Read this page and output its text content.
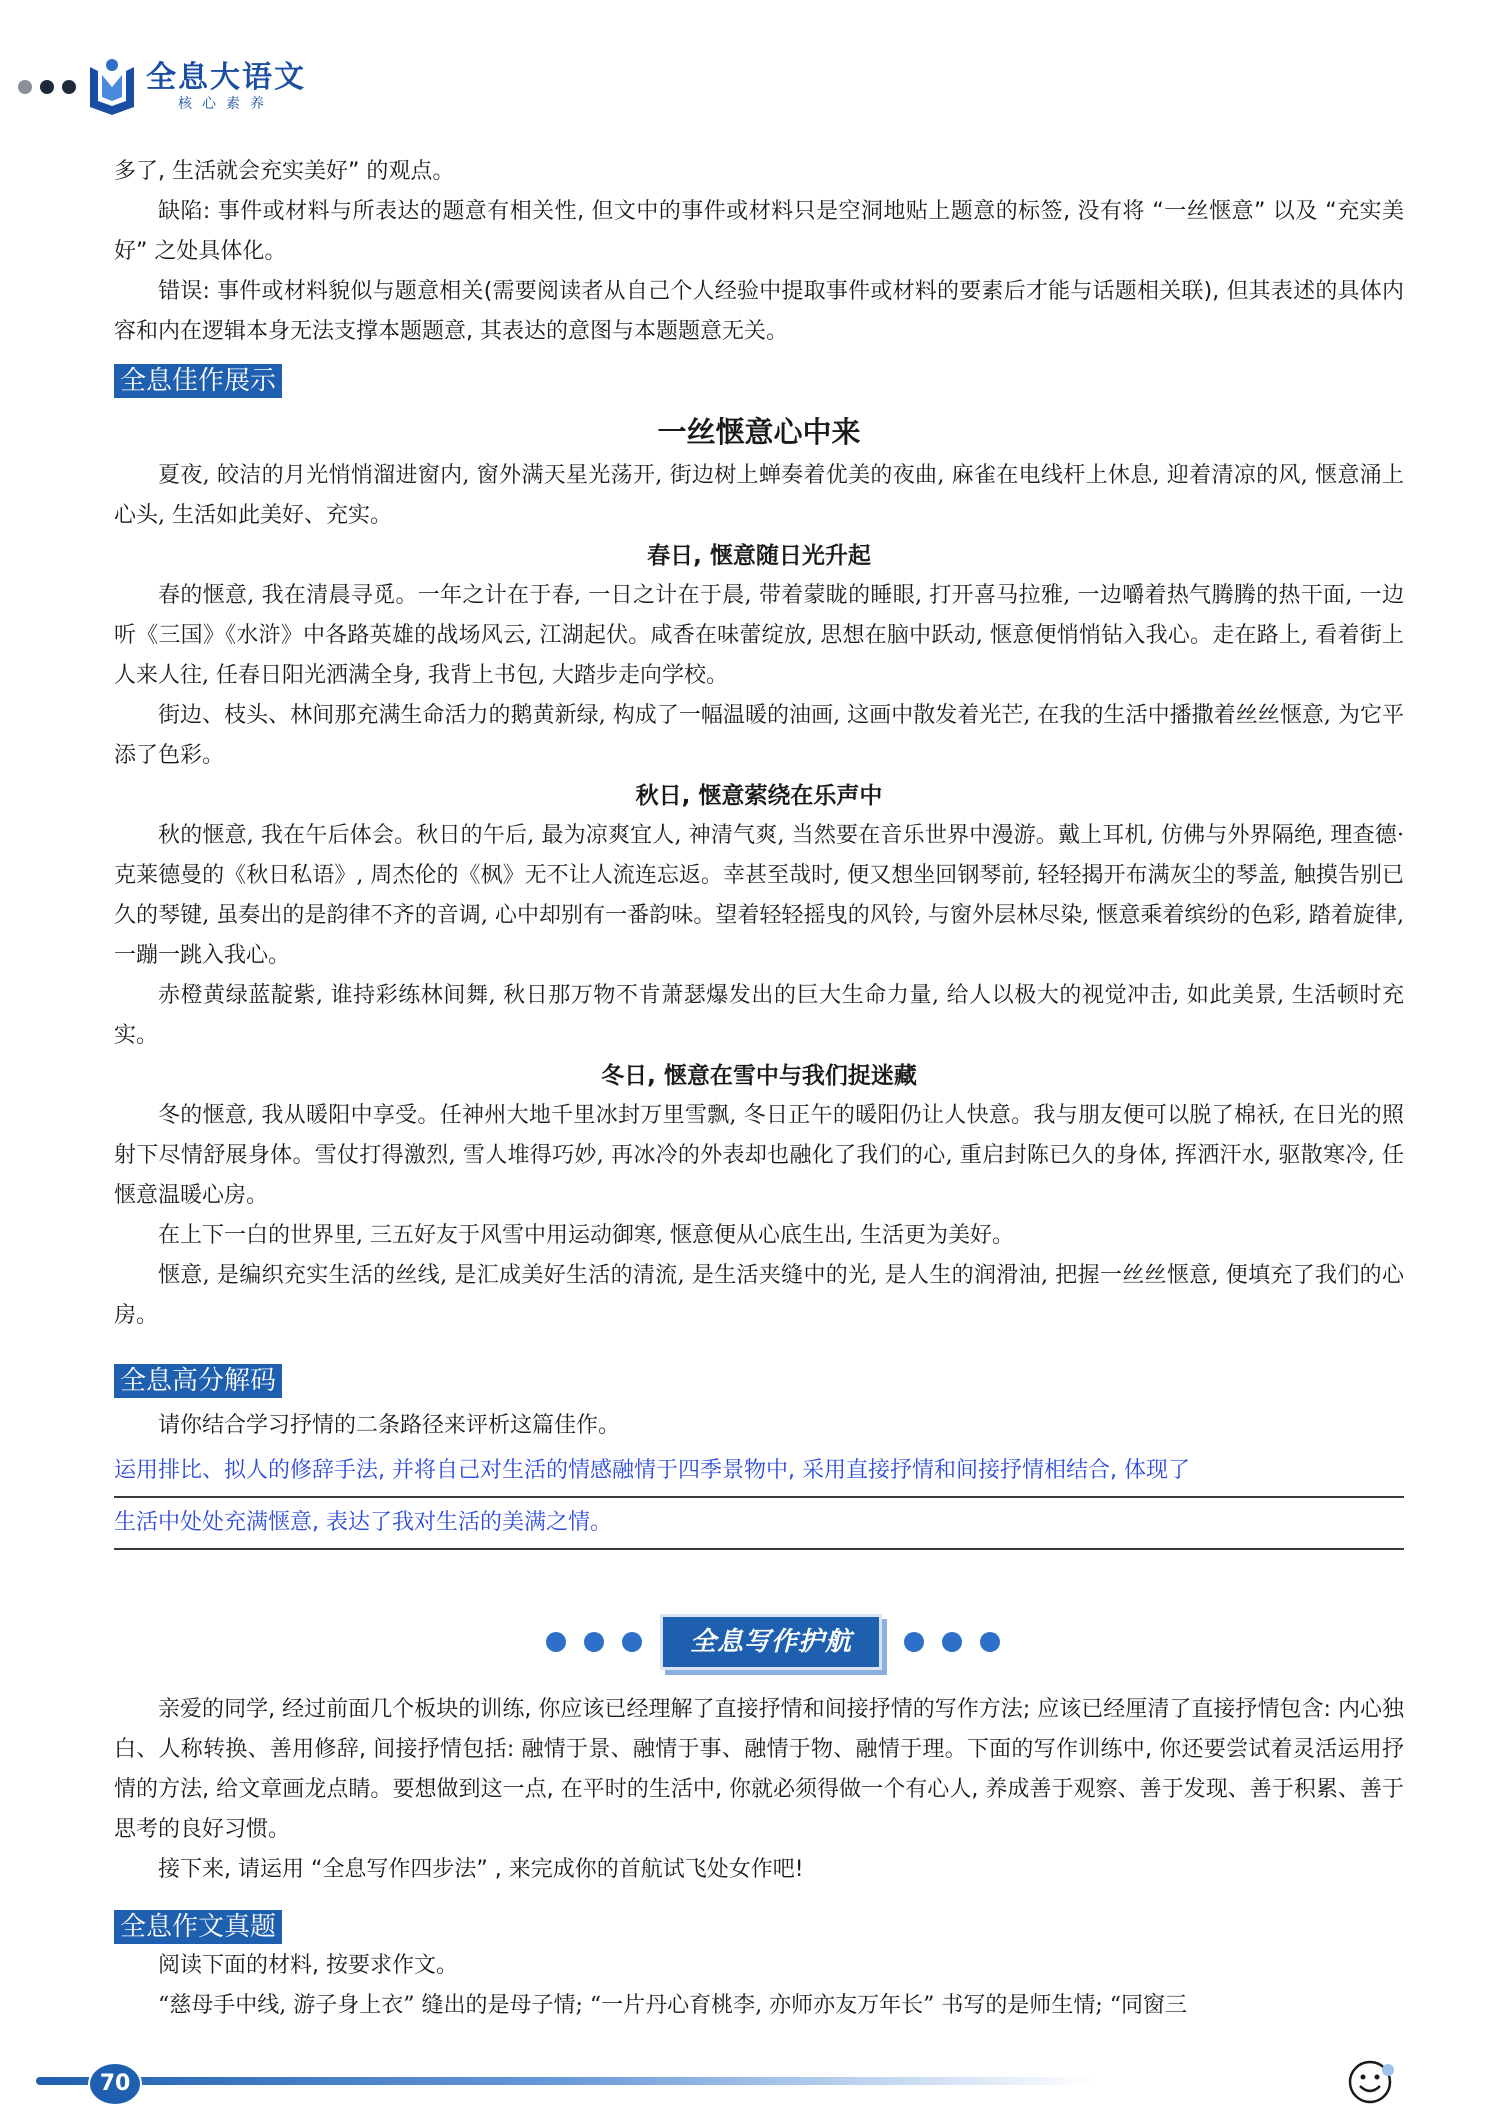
全息大语文
核心素养

多了, 生活就会充实美好” 的观点。

缺陷: 事件或材料与所表达的题意有相关性, 但文中的事件或材料只是空洞地贴上题意的标签, 没有将 “一丝惬意” 以及 “充实美好” 之处具体化。

错误: 事件或材料貌似与题意相关(需要阅读者从自己个人经验中提取事件或材料的要素后才能与话题相关联), 但其表述的具体内容和内在逻辑本身无法支撑本题题意, 其表达的意图与本题题意无关。

全息佳作展示

一丝惬意心中来

夏夜, 皎洁的月光悄悄溜进窗内, 窗外满天星光荡开, 街边树上蝉奏着优美的夜曲, 麻雀在电线杆上休息, 迎着清凉的风, 惬意涌上心头, 生活如此美好、充实。

春日, 惬意随日光升起

春的惬意, 我在清晨寻觅。一年之计在于春, 一日之计在于晨, 带着蒙眬的睡眼, 打开喜马拉雅, 一边嚼着热气腾腾的热干面, 一边听《三国》《水浒》中各路英雄的战场风云, 江湖起伏。咸香在味蕾绽放, 思想在脑中跃动, 惬意便悄悄钻入我心。走在路上, 看着街上人来人往, 任春日阳光洒满全身, 我背上书包, 大踏步走向学校。

街边、枝头、林间那充满生命活力的鹅黄新绿, 构成了一幅温暖的油画, 这画中散发着光芒, 在我的生活中播撒着丝丝惬意, 为它平添了色彩。

秋日, 惬意萦绕在乐声中

秋的惬意, 我在午后体会。秋日的午后, 最为凉爽宜人, 神清气爽, 当然要在音乐世界中漫游。戴上耳机, 仿佛与外界隔绝, 理查德·克莱德曼的《秋日私语》, 周杰伦的《枫》无不让人流连忘返。幸甚至哉时, 便又想坐回钢琴前, 轻轻揭开布满灰尘的琴盖, 触摸告别已久的琴键, 虽奏出的是韵律不齐的音调, 心中却别有一番韵味。望着轻轻摇曳的风铃, 与窗外层林尽染, 惬意乘着缤纷的色彩, 踏着旋律, 一蹦一跳入我心。

赤橙黄绿蓝靛紫, 谁持彩练林间舞, 秋日那万物不肯萧瑟爆发出的巨大生命力量, 给人以极大的视觉冲击, 如此美景, 生活顿时充实。

冬日, 惬意在雪中与我们捉迷藏

冬的惬意, 我从暖阳中享受。任神州大地千里冰封万里雪飘, 冬日正午的暖阳仍让人快意。我与朋友便可以脱了棉袄, 在日光的照射下尽情舒展身体。雪仗打得激烈, 雪人堆得巧妙, 再冰冷的外表却也融化了我们的心, 重启封陈已久的身体, 挥洒汗水, 驱散寒冷, 任惬意温暖心房。

在上下一白的世界里, 三五好友于风雪中用运动御寒, 惬意便从心底生出, 生活更为美好。

惬意, 是编织充实生活的丝线, 是汇成美好生活的清流, 是生活夹缝中的光, 是人生的润滑油, 把握一丝丝惬意, 便填充了我们的心房。

全息高分解码

请你结合学习抒情的二条路径来评析这篇佳作。

运用排比、拟人的修辞手法, 并将自己对生活的情感融情于四季景物中, 采用直接抒情和间接抒情相结合, 体现了

生活中处处充满惬意, 表达了我对生活的美满之情。

全息写作护航

亲爱的同学, 经过前面几个板块的训练, 你应该已经理解了直接抒情和间接抒情的写作方法; 应该已经厘清了直接抒情包含: 内心独白、人称转换、善用修辞, 间接抒情包括: 融情于景、融情于事、融情于物、融情于理。下面的写作训练中, 你还要尝试着灵活运用抒情的方法, 给文章画龙点睛。要想做到这一点, 在平时的生活中, 你就必须得做一个有心人, 养成善于观察、善于发现、善于积累、善于思考的良好习惯。

接下来, 请运用 “全息写作四步法” , 来完成你的首航试飞处女作吧!

全息作文真题

阅读下面的材料, 按要求作文。

“慈母手中线, 游子身上衣” 缝出的是母子情; “一片丹心育桃李, 亦师亦友万年长” 书写的是师生情; “同窗三

70
